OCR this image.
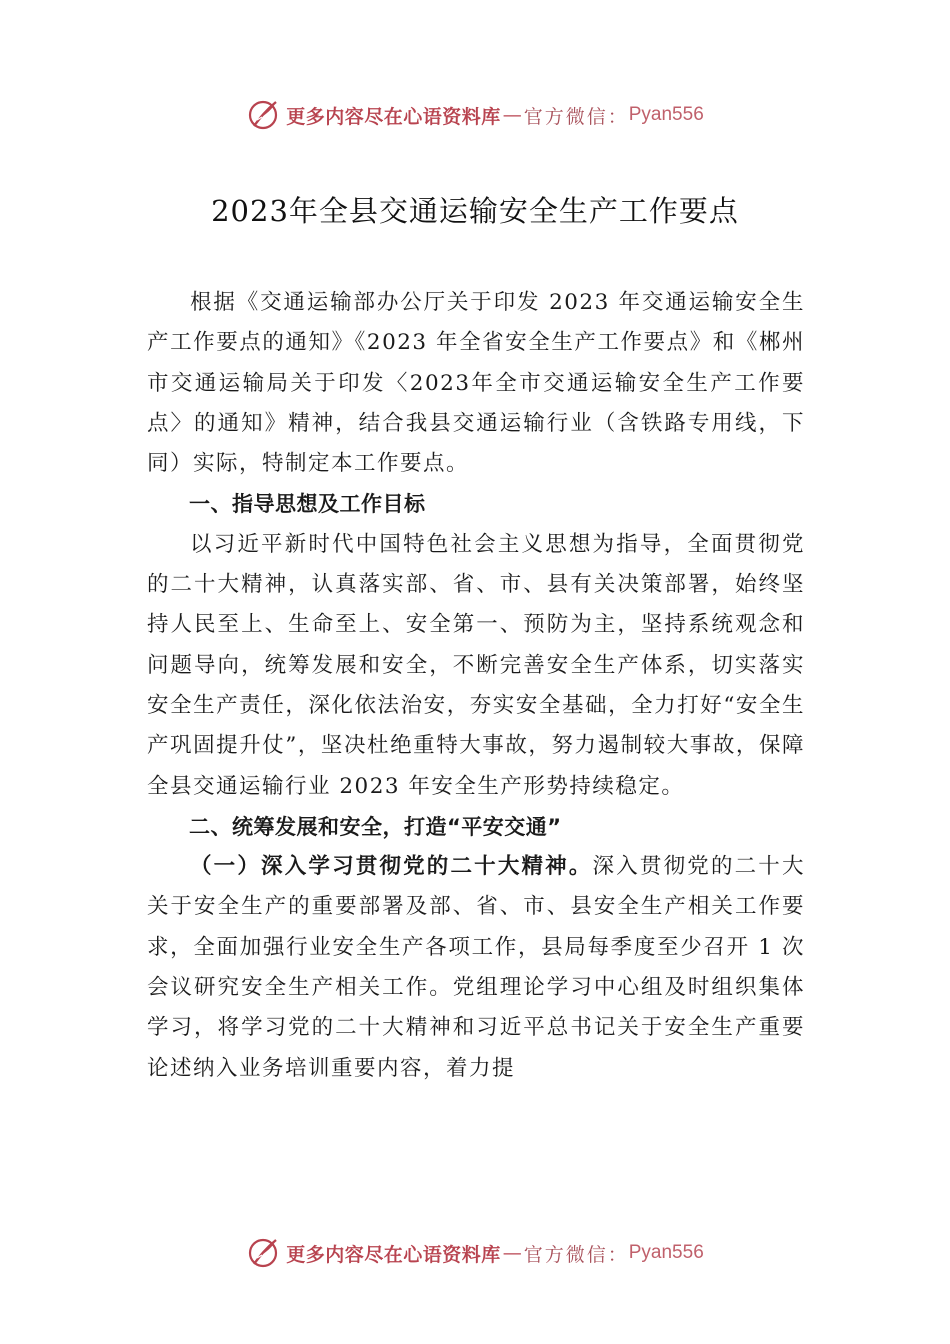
更多内容尽在心语资料库 — 官方微信： Pyan556
2023年全县交通运输安全生产工作要点

根据《交通运输部办公厅关于印发 2023 年交通运输安全生产工作要点的通知》《2023 年全省安全生产工作要点》和《郴州市交通运输局关于印发〈2023年全市交通运输安全生产工作要点〉的通知》精神，结合我县交通运输行业（含铁路专用线，下同）实际，特制定本工作要点。

一、指导思想及工作目标

以习近平新时代中国特色社会主义思想为指导，全面贯彻党的二十大精神，认真落实部、省、市、县有关决策部署，始终坚持人民至上、生命至上、安全第一、预防为主，坚持系统观念和问题导向，统筹发展和安全，不断完善安全生产体系，切实落实安全生产责任，深化依法治安，夯实安全基础，全力打好“安全生产巩固提升仗”，坚决杜绝重特大事故，努力遏制较大事故，保障全县交通运输行业 2023 年安全生产形势持续稳定。

二、统筹发展和安全，打造“平安交通”

（一）深入学习贯彻党的二十大精神。深入贯彻党的二十大关于安全生产的重要部署及部、省、市、县安全生产相关工作要求，全面加强行业安全生产各项工作，县局每季度至少召开 1 次会议研究安全生产相关工作。党组理论学习中心组及时组织集体学习，将学习党的二十大精神和习近平总书记关于安全生产重要论述纳入业务培训重要内容，着力提

更多内容尽在心语资料库 — 官方微信： Pyan556
